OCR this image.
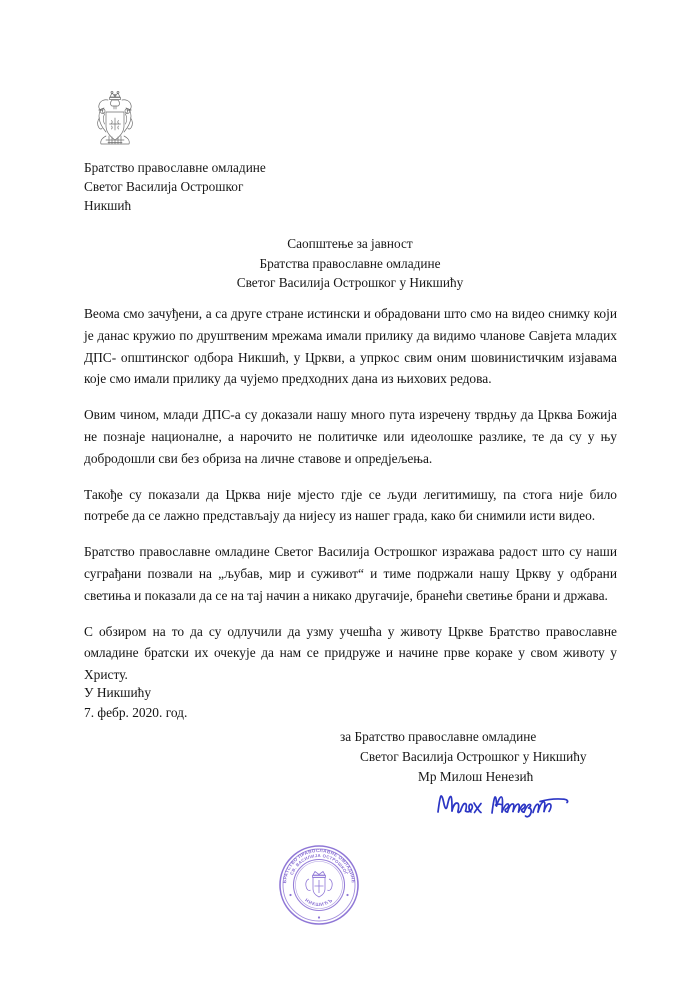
Братство православне омладине
Светог Василија Острошког
Никшић
Саопштење за јавност
Братства православне омладине
Светог Василија Острошког у Никшићу

Веома смо зачуђени, а са друге стране истински и обрадовани што смо на видео снимку који је данас кружио по друштвеним мрежама имали прилику да видимо чланове Савјета младих ДПС- општинског одбора Никшић, у Цркви, а упркос свим оним шовинистичким изјавама које смо имали прилику да чујемо предходних дана из њихових редова.

Овим чином, млади ДПС-а су доказали нашу много пута изречену тврдњу да Црква Божија не познаје националне, а нарочито не политичке или идеолошке разлике, те да су у њу добродошли сви без обриза на личне ставове и опредјељења.

Такође су показали да Црква није мјесто гдје се људи легитимишу, па стога није било потребе да се лажно представљају да нијесу из нашег града, како би снимили исти видео.

Братство православне омладине Светог Василија Острошког изражава радост што су наши суграђани позвали на „љубав, мир и суживот“ и тиме подржали нашу Цркву у одбрани светиња и показали да се на тај начин а никако другачије, бранећи светиње брани и држава.

С обзиром на то да су одлучили да узму учешћа у животу Цркве Братство православне омладине братски их очекује да нам се придруже и начине прве кораке у свом животу у Христу.

У Никшићу
7. фебр. 2020. год.
за Братство православне омладине
Светог Василија Острошког у Никшићу
Мр Милош Ненезић
БРАТСТВО ПРАВОСЛАВНЕ ОМЛАДИНЕ
СВ. ВАСИЛИЈА ОСТРОШКОГ
НИКШИЋЪ
